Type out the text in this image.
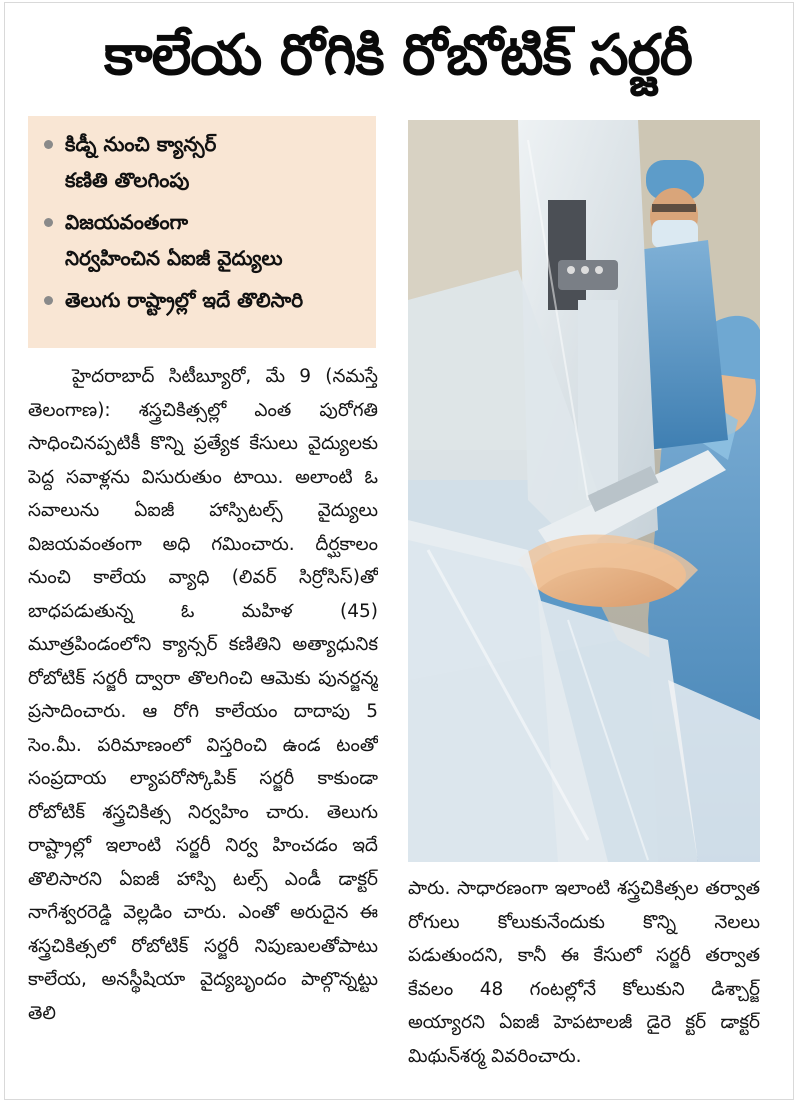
కాలేయ రోగికి రోబోటిక్ సర్జరీ
కిడ్నీ నుంచి క్యాన్సర్
కణితి తొలగింపు
విజయవంతంగా
నిర్వహించిన ఏఐజీ వైద్యులు
తెలుగు రాష్ట్రాల్లో ఇదే తొలిసారి

హైదరాబాద్ సిటీబ్యూరో, మే 9 (నమస్తే తెలంగాణ): శస్త్రచికిత్సల్లో ఎంత పురోగతి సాధించినప్పటికీ కొన్ని ప్రత్యేక కేసులు వైద్యులకు పెద్ద సవాళ్లను విసురుతుం టాయి. అలాంటి ఓ సవాలును ఏఐజీ హాస్పిటల్స్ వైద్యులు విజయవంతంగా అధి గమించారు. దీర్ఘకాలం నుంచి కాలేయ వ్యాధి (లివర్ సిర్రోసిస్)తో బాధపడుతున్న ఓ మహిళ (45) మూత్రపిండంలోని క్యాన్సర్ కణితిని అత్యాధునిక రోబోటిక్ సర్జరీ ద్వారా తొలగించి ఆమెకు పునర్జన్మ ప్రసాదించారు. ఆ రోగి కాలేయం దాదాపు 5 సెం.మీ. పరిమాణంలో విస్తరించి ఉండ టంతో సంప్రదాయ ల్యాపరోస్కోపిక్ సర్జరీ కాకుండా రోబోటిక్ శస్త్రచికిత్స నిర్వహిం చారు. తెలుగు రాష్ట్రాల్లో ఇలాంటి సర్జరీ నిర్వ హించడం ఇదే తొలిసారని ఏఐజీ హాస్పి టల్స్ ఎండీ డాక్టర్ నాగేశ్వరరెడ్డి వెల్లడిం చారు. ఎంతో అరుదైన ఈ శస్త్రచికిత్సలో రోబోటిక్ సర్జరీ నిపుణులతోపాటు కాలేయ, అనస్థీషియా వైద్యబృందం పాల్గొన్నట్టు తెలి

పారు. సాధారణంగా ఇలాంటి శస్త్రచికిత్సల తర్వాత రోగులు కోలుకునేందుకు కొన్ని నెలలు పడుతుందని, కానీ ఈ కేసులో సర్జరీ తర్వాత కేవలం 48 గంటల్లోనే కోలుకుని డిశ్చార్జ్ అయ్యారని ఏఐజీ హెపటాలజీ డైరె క్టర్ డాక్టర్ మిథున్‌శర్మ వివరించారు.
